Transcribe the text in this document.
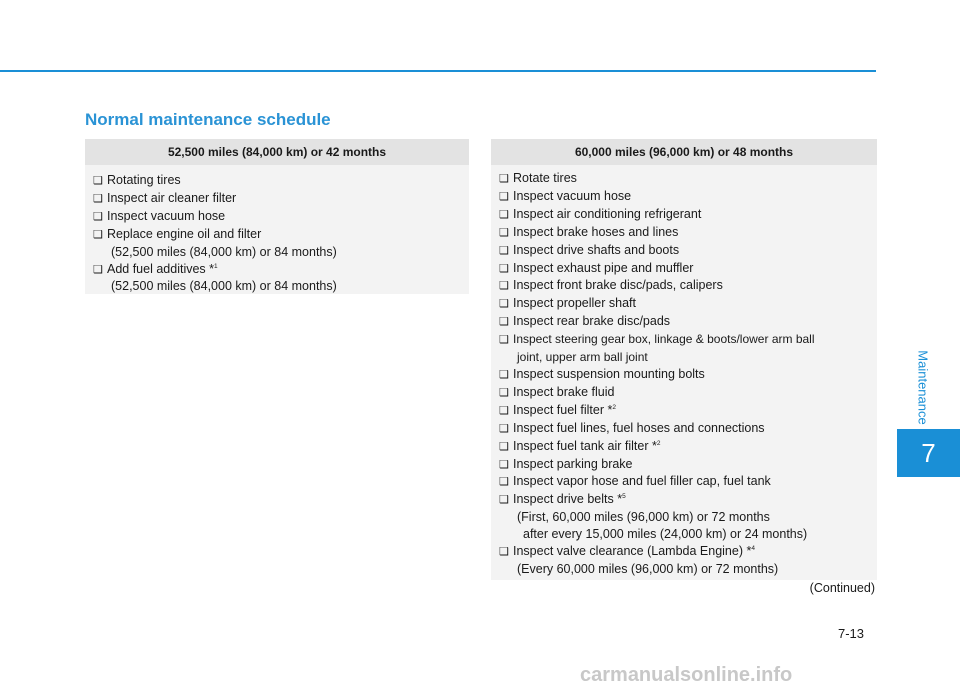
Maintenance
7
Normal maintenance schedule
52,500 miles (84,000 km) or 42 months
❑ Rotating tires
❑ Inspect air cleaner filter
❑ Inspect vacuum hose
❑ Replace engine oil and filter
(52,500 miles (84,000 km) or 84 months)
❑ Add fuel additives *$^1$
(52,500 miles (84,000 km) or 84 months)
60,000 miles (96,000 km) or 48 months
❑ Rotate tires
❑ Inspect vacuum hose
❑ Inspect air conditioning refrigerant
❑ Inspect brake hoses and lines
❑ Inspect drive shafts and boots
❑ Inspect exhaust pipe and muffler
❑ Inspect front brake disc/pads, calipers
❑ Inspect propeller shaft
❑ Inspect rear brake disc/pads
❑ Inspect steering gear box, linkage & boots/lower arm ball
joint, upper arm ball joint
❑ Inspect suspension mounting bolts
❑ Inspect brake fluid
❑ Inspect fuel filter *$^2$
❑ Inspect fuel lines, fuel hoses and connections
❑ Inspect fuel tank air filter *$^2$
❑ Inspect parking brake
❑ Inspect vapor hose and fuel filler cap, fuel tank
❑ Inspect drive belts *$^5$
(First, 60,000 miles (96,000 km) or 72 months
after every 15,000 miles (24,000 km) or 24 months)
❑ Inspect valve clearance (Lambda Engine) *$^4$
(Every 60,000 miles (96,000 km) or 72 months)
(Continued)
7-13
carmanualsonline.info
